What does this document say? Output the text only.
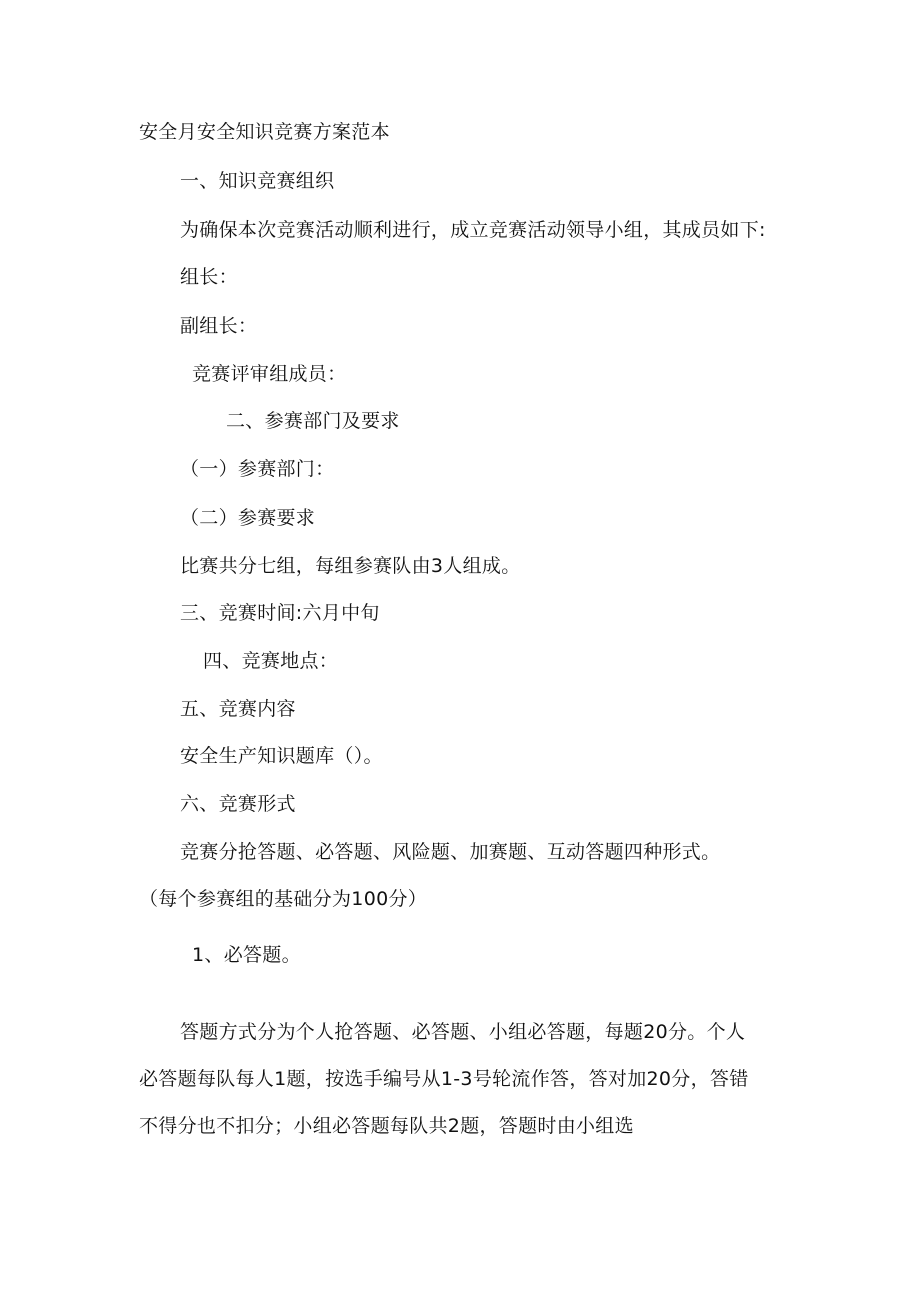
安全月安全知识竞赛方案范本

一、知识竞赛组织

为确保本次竞赛活动顺利进行，成立竞赛活动领导小组，其成员如下:

组长：

副组长：

竞赛评审组成员：

二、参赛部门及要求

（一）参赛部门：

（二）参赛要求

比赛共分七组，每组参赛队由3人组成。

三、竞赛时间:六月中旬

四、竞赛地点：

五、竞赛内容

安全生产知识题库（）。

六、竞赛形式

竞赛分抢答题、必答题、风险题、加赛题、互动答题四种形式。

（每个参赛组的基础分为100分）

1、必答题。

答题方式分为个人抢答题、必答题、小组必答题，每题20分。个人

必答题每队每人1题，按选手编号从1-3号轮流作答，答对加20分，答错

不得分也不扣分；小组必答题每队共2题，答题时由小组选
